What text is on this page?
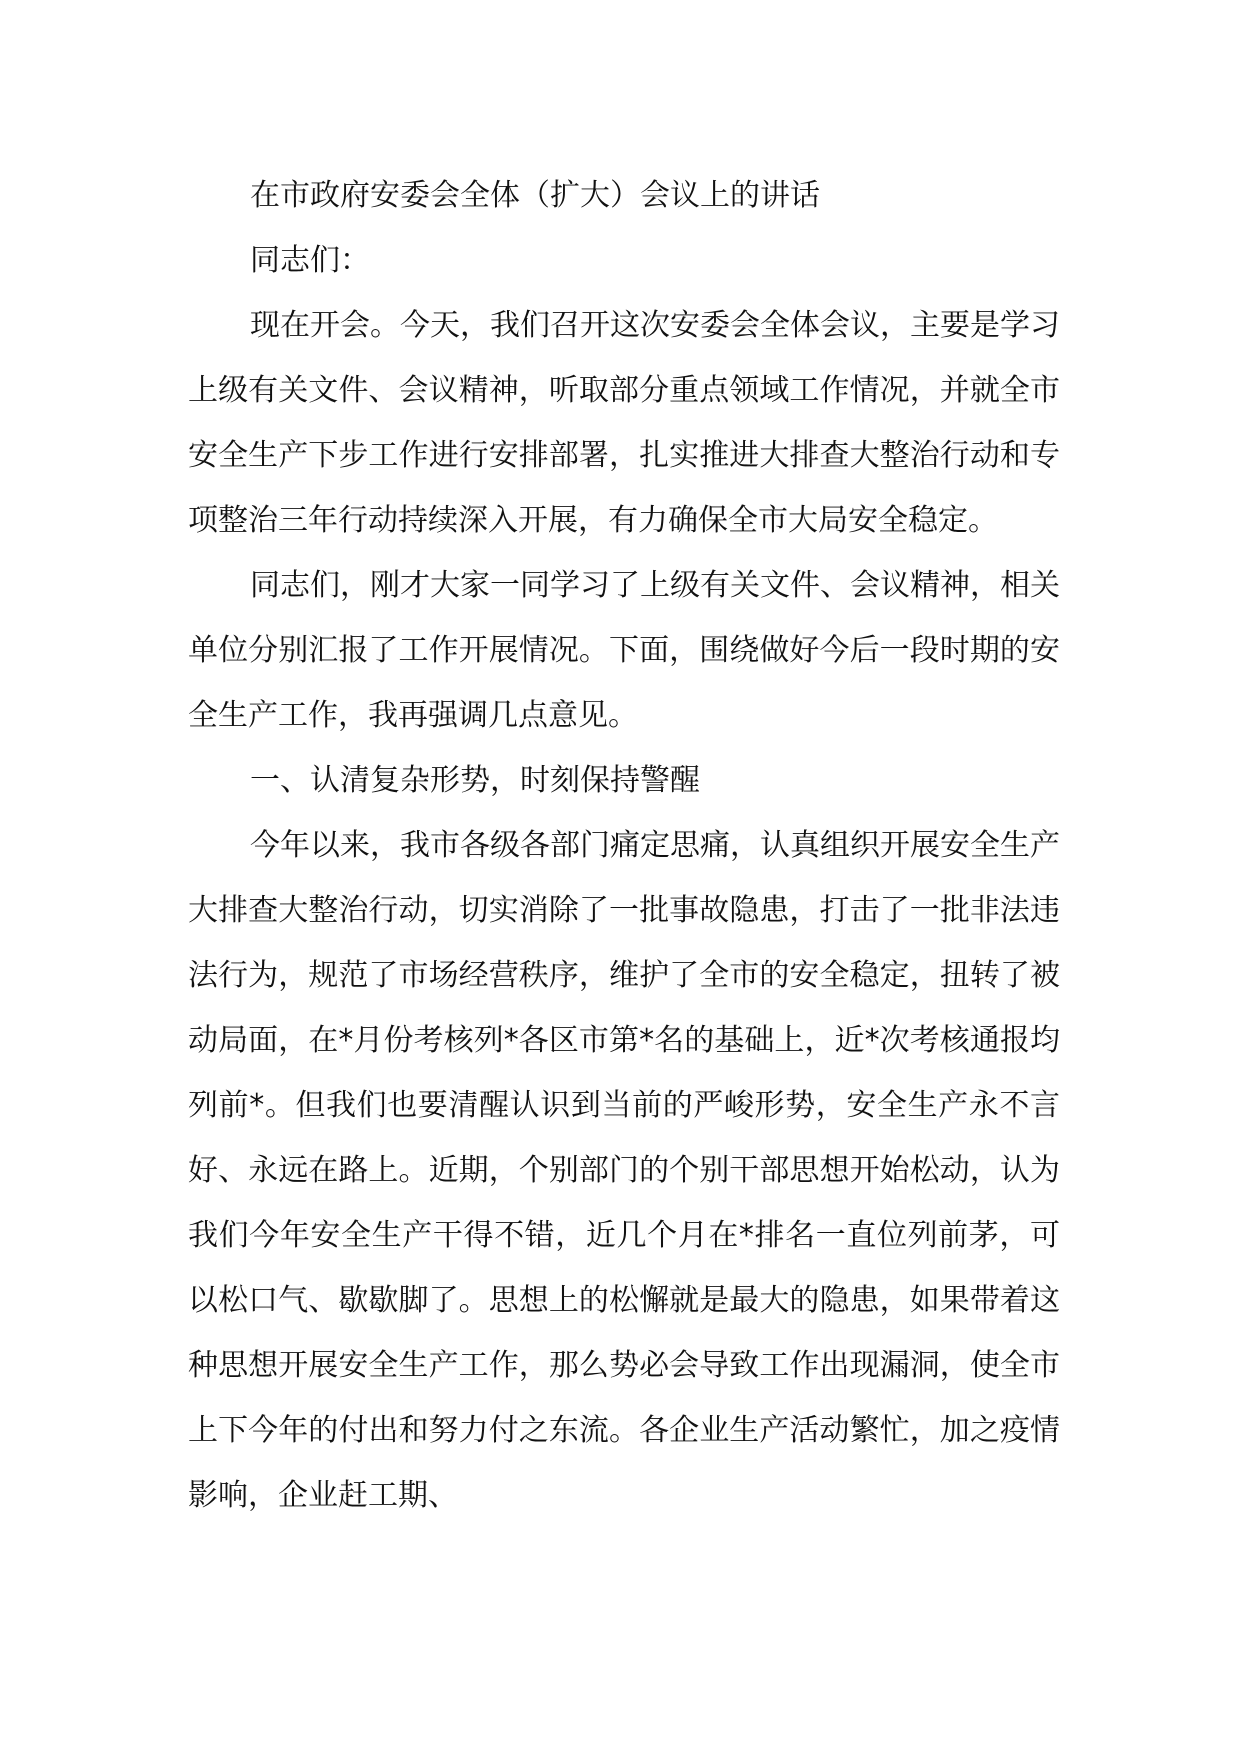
在市政府安委会全体（扩大）会议上的讲话

同志们：

现在开会。今天，我们召开这次安委会全体会议，主要是学习上级有关文件、会议精神，听取部分重点领域工作情况，并就全市安全生产下步工作进行安排部署，扎实推进大排查大整治行动和专项整治三年行动持续深入开展，有力确保全市大局安全稳定。

同志们，刚才大家一同学习了上级有关文件、会议精神，相关单位分别汇报了工作开展情况。下面，围绕做好今后一段时期的安全生产工作，我再强调几点意见。

一、认清复杂形势，时刻保持警醒

今年以来，我市各级各部门痛定思痛，认真组织开展安全生产大排查大整治行动，切实消除了一批事故隐患，打击了一批非法违法行为，规范了市场经营秩序，维护了全市的安全稳定，扭转了被动局面，在*月份考核列*各区市第*名的基础上，近*次考核通报均列前*。但我们也要清醒认识到当前的严峻形势，安全生产永不言好、永远在路上。近期，个别部门的个别干部思想开始松动，认为我们今年安全生产干得不错，近几个月在*排名一直位列前茅，可以松口气、歇歇脚了。思想上的松懈就是最大的隐患，如果带着这种思想开展安全生产工作，那么势必会导致工作出现漏洞，使全市上下今年的付出和努力付之东流。各企业生产活动繁忙，加之疫情影响，企业赶工期、
